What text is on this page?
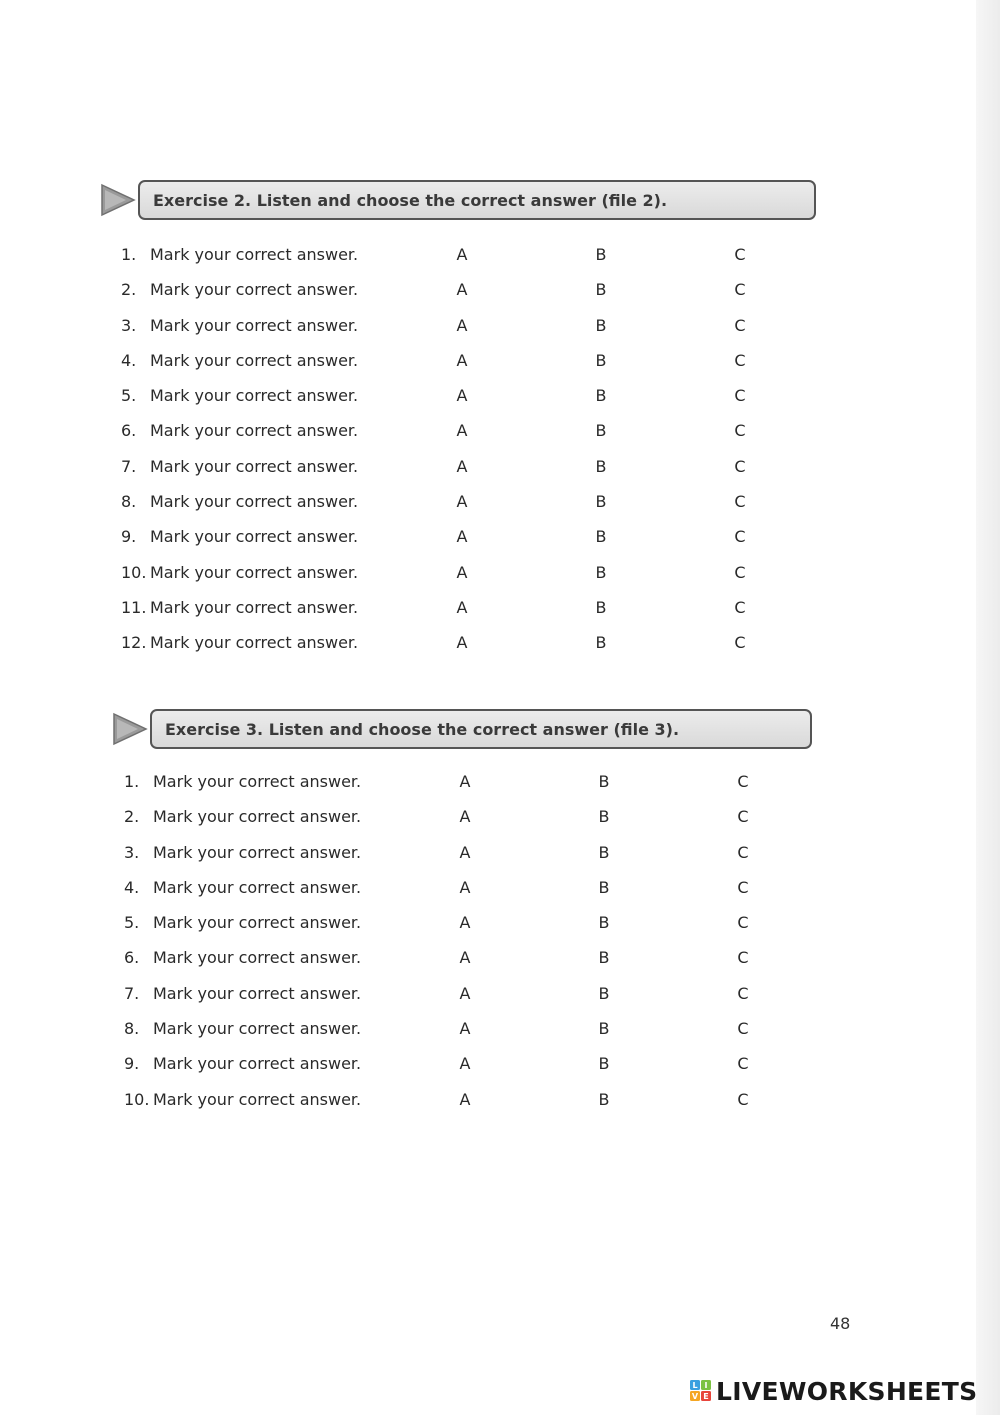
Exercise 2. Listen and choose the correct answer (file 2).
1. Mark your correct answer.	A	B	C
2. Mark your correct answer.	A	B	C
3. Mark your correct answer.	A	B	C
4. Mark your correct answer.	A	B	C
5. Mark your correct answer.	A	B	C
6. Mark your correct answer.	A	B	C
7. Mark your correct answer.	A	B	C
8. Mark your correct answer.	A	B	C
9. Mark your correct answer.	A	B	C
10. Mark your correct answer.	A	B	C
11. Mark your correct answer.	A	B	C
12. Mark your correct answer.	A	B	C
Exercise 3. Listen and choose the correct answer (file 3).
1. Mark your correct answer.	A	B	C
2. Mark your correct answer.	A	B	C
3. Mark your correct answer.	A	B	C
4. Mark your correct answer.	A	B	C
5. Mark your correct answer.	A	B	C
6. Mark your correct answer.	A	B	C
7. Mark your correct answer.	A	B	C
8. Mark your correct answer.	A	B	C
9. Mark your correct answer.	A	B	C
10. Mark your correct answer.	A	B	C
48
L I
V E LIVEWORKSHEETS
